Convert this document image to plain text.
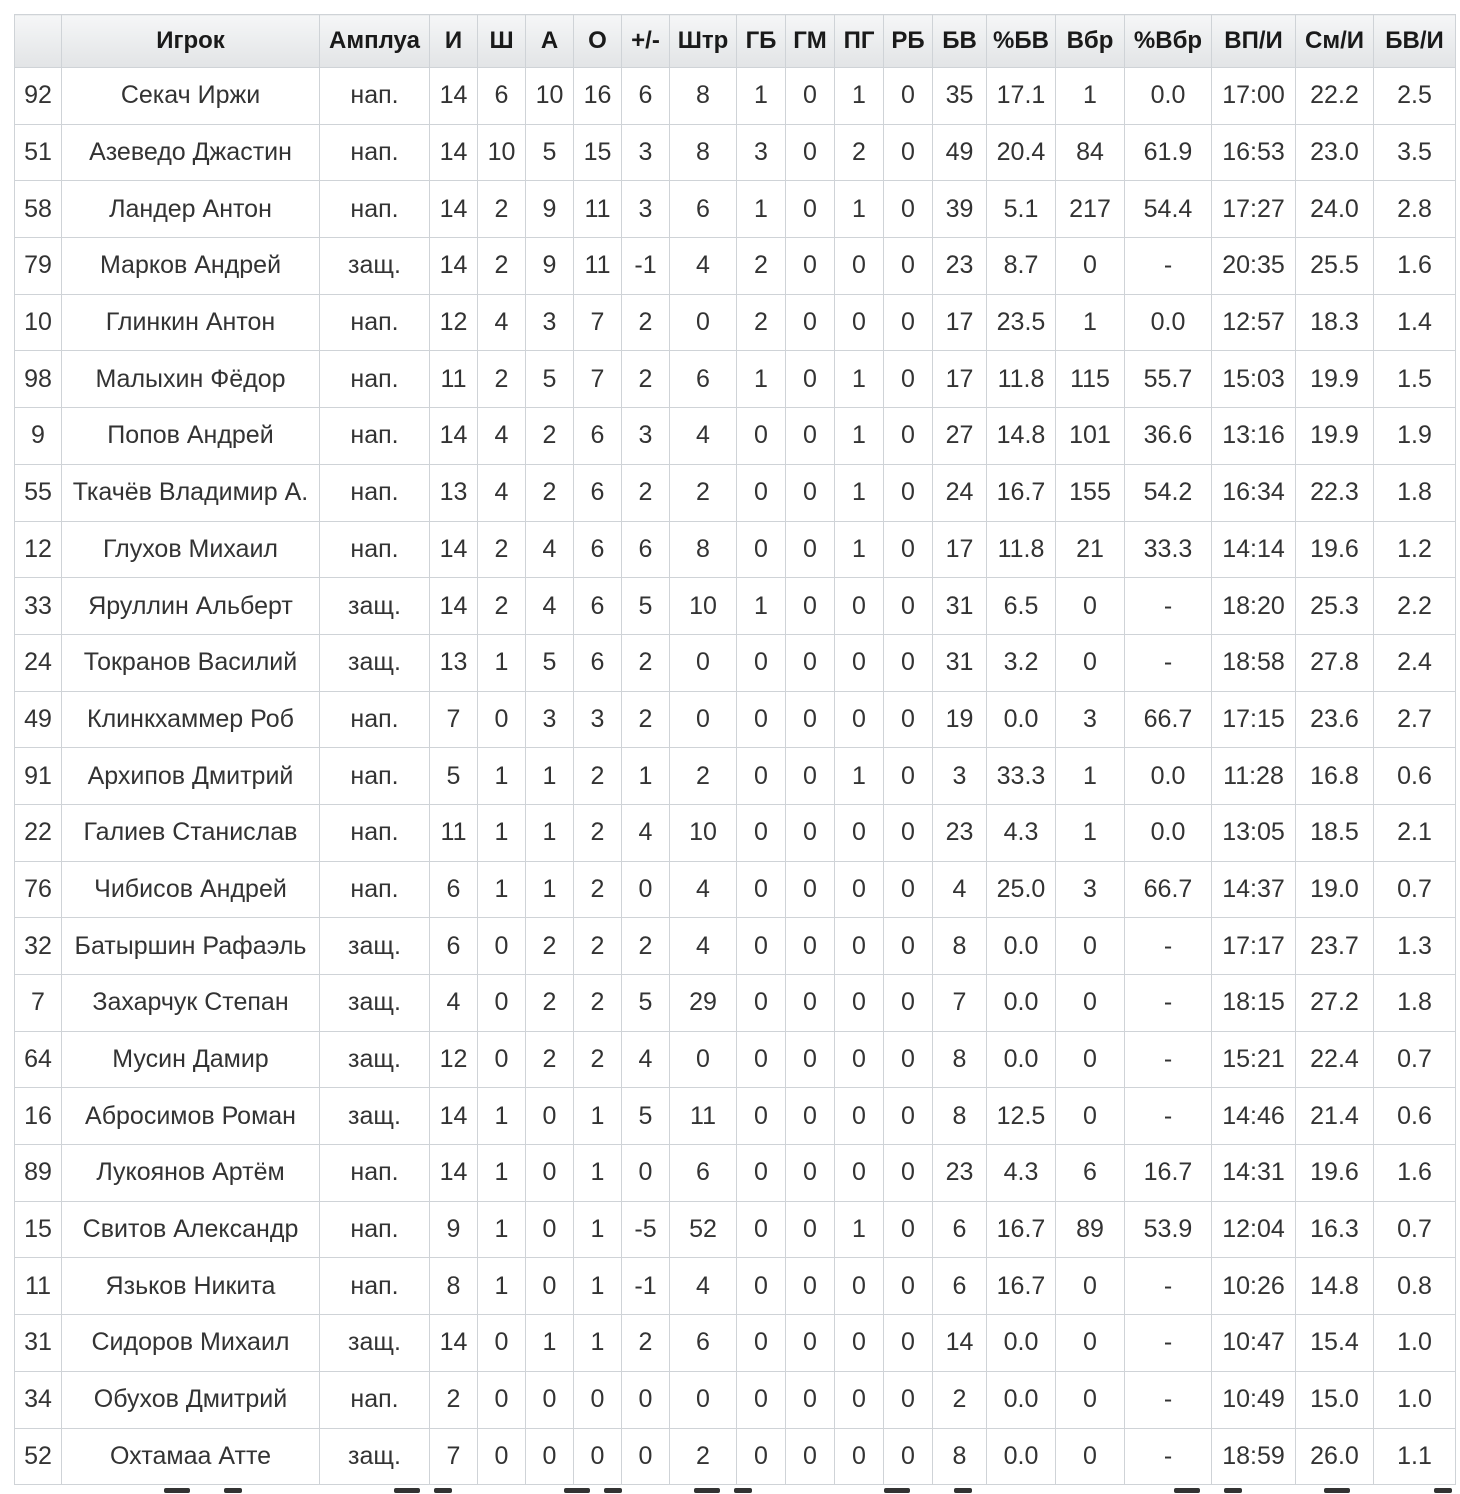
	Игрок	Амплуа	И	Ш	А	О	+/-	Штр	ГБ	ГМ	ПГ	РБ	БВ	%БВ	Вбр	%Вбр	ВП/И	См/И	БВ/И
92	Секач Иржи	нап.	14	6	10	16	6	8	1	0	1	0	35	17.1	1	0.0	17:00	22.2	2.5
51	Азеведо Джастин	нап.	14	10	5	15	3	8	3	0	2	0	49	20.4	84	61.9	16:53	23.0	3.5
58	Ландер Антон	нап.	14	2	9	11	3	6	1	0	1	0	39	5.1	217	54.4	17:27	24.0	2.8
79	Марков Андрей	защ.	14	2	9	11	-1	4	2	0	0	0	23	8.7	0	-	20:35	25.5	1.6
10	Глинкин Антон	нап.	12	4	3	7	2	0	2	0	0	0	17	23.5	1	0.0	12:57	18.3	1.4
98	Малыхин Фёдор	нап.	11	2	5	7	2	6	1	0	1	0	17	11.8	115	55.7	15:03	19.9	1.5
9	Попов Андрей	нап.	14	4	2	6	3	4	0	0	1	0	27	14.8	101	36.6	13:16	19.9	1.9
55	Ткачёв Владимир А.	нап.	13	4	2	6	2	2	0	0	1	0	24	16.7	155	54.2	16:34	22.3	1.8
12	Глухов Михаил	нап.	14	2	4	6	6	8	0	0	1	0	17	11.8	21	33.3	14:14	19.6	1.2
33	Яруллин Альберт	защ.	14	2	4	6	5	10	1	0	0	0	31	6.5	0	-	18:20	25.3	2.2
24	Токранов Василий	защ.	13	1	5	6	2	0	0	0	0	0	31	3.2	0	-	18:58	27.8	2.4
49	Клинкхаммер Роб	нап.	7	0	3	3	2	0	0	0	0	0	19	0.0	3	66.7	17:15	23.6	2.7
91	Архипов Дмитрий	нап.	5	1	1	2	1	2	0	0	1	0	3	33.3	1	0.0	11:28	16.8	0.6
22	Галиев Станислав	нап.	11	1	1	2	4	10	0	0	0	0	23	4.3	1	0.0	13:05	18.5	2.1
76	Чибисов Андрей	нап.	6	1	1	2	0	4	0	0	0	0	4	25.0	3	66.7	14:37	19.0	0.7
32	Батыршин Рафаэль	защ.	6	0	2	2	2	4	0	0	0	0	8	0.0	0	-	17:17	23.7	1.3
7	Захарчук Степан	защ.	4	0	2	2	5	29	0	0	0	0	7	0.0	0	-	18:15	27.2	1.8
64	Мусин Дамир	защ.	12	0	2	2	4	0	0	0	0	0	8	0.0	0	-	15:21	22.4	0.7
16	Абросимов Роман	защ.	14	1	0	1	5	11	0	0	0	0	8	12.5	0	-	14:46	21.4	0.6
89	Лукоянов Артём	нап.	14	1	0	1	0	6	0	0	0	0	23	4.3	6	16.7	14:31	19.6	1.6
15	Свитов Александр	нап.	9	1	0	1	-5	52	0	0	1	0	6	16.7	89	53.9	12:04	16.3	0.7
11	Язьков Никита	нап.	8	1	0	1	-1	4	0	0	0	0	6	16.7	0	-	10:26	14.8	0.8
31	Сидоров Михаил	защ.	14	0	1	1	2	6	0	0	0	0	14	0.0	0	-	10:47	15.4	1.0
34	Обухов Дмитрий	нап.	2	0	0	0	0	0	0	0	0	0	2	0.0	0	-	10:49	15.0	1.0
52	Охтамаа Атте	защ.	7	0	0	0	0	2	0	0	0	0	8	0.0	0	-	18:59	26.0	1.1
